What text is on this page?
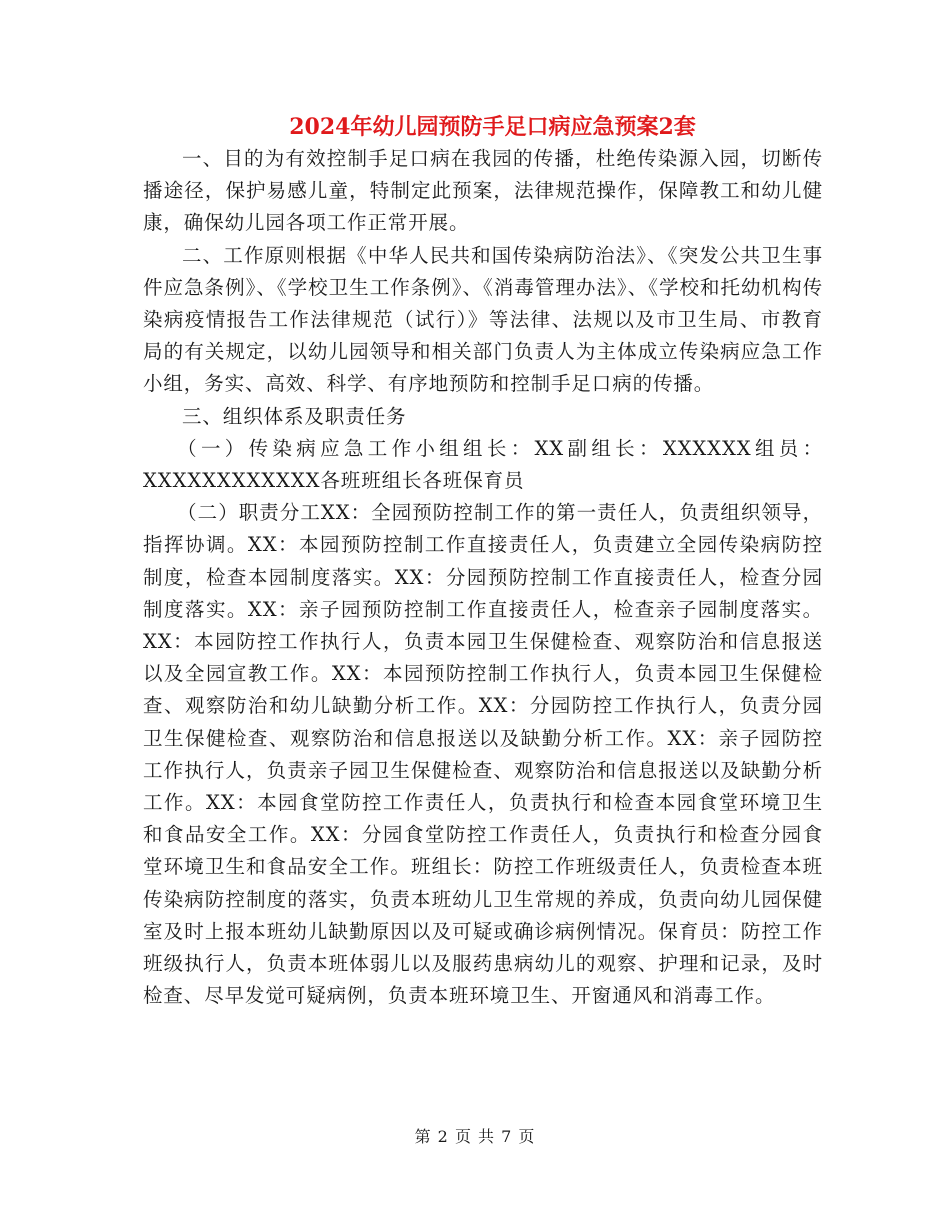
2024年幼儿园预防手足口病应急预案2套

一、目的为有效控制手足口病在我园的传播，杜绝传染源入园，切断传播途径，保护易感儿童，特制定此预案，法律规范操作，保障教工和幼儿健康，确保幼儿园各项工作正常开展。

二、工作原则根据《中华人民共和国传染病防治法》、《突发公共卫生事件应急条例》、《学校卫生工作条例》、《消毒管理办法》、《学校和托幼机构传染病疫情报告工作法律规范（试行）》等法律、法规以及市卫生局、市教育局的有关规定，以幼儿园领导和相关部门负责人为主体成立传染病应急工作小组，务实、高效、科学、有序地预防和控制手足口病的传播。

三、组织体系及职责任务

（一）传染病应急工作小组组长：XX副组长：XXXXXX组员：XXXXXXXXXXXX各班班组长各班保育员

（二）职责分工XX：全园预防控制工作的第一责任人，负责组织领导，指挥协调。XX：本园预防控制工作直接责任人，负责建立全园传染病防控制度，检查本园制度落实。XX：分园预防控制工作直接责任人，检查分园制度落实。XX：亲子园预防控制工作直接责任人，检查亲子园制度落实。XX：本园防控工作执行人，负责本园卫生保健检查、观察防治和信息报送以及全园宣教工作。XX：本园预防控制工作执行人，负责本园卫生保健检查、观察防治和幼儿缺勤分析工作。XX：分园防控工作执行人，负责分园卫生保健检查、观察防治和信息报送以及缺勤分析工作。XX：亲子园防控工作执行人，负责亲子园卫生保健检查、观察防治和信息报送以及缺勤分析工作。XX：本园食堂防控工作责任人，负责执行和检查本园食堂环境卫生和食品安全工作。XX：分园食堂防控工作责任人，负责执行和检查分园食堂环境卫生和食品安全工作。班组长：防控工作班级责任人，负责检查本班传染病防控制度的落实，负责本班幼儿卫生常规的养成，负责向幼儿园保健室及时上报本班幼儿缺勤原因以及可疑或确诊病例情况。保育员：防控工作班级执行人，负责本班体弱儿以及服药患病幼儿的观察、护理和记录，及时检查、尽早发觉可疑病例，负责本班环境卫生、开窗通风和消毒工作。

第 2 页 共 7 页
